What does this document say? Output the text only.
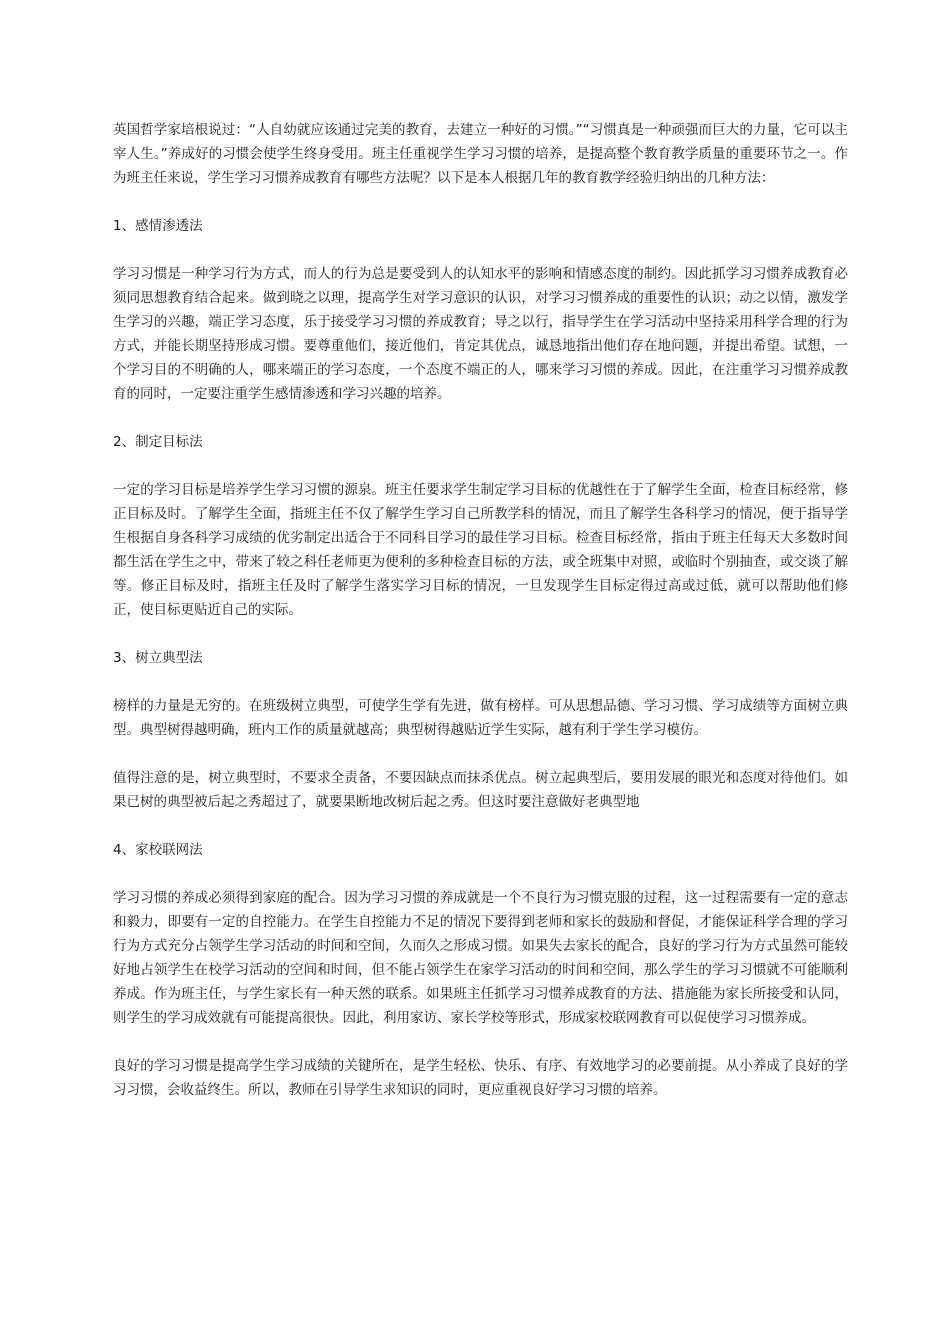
英国哲学家培根说过：“人自幼就应该通过完美的教育，去建立一种好的习惯。”“习惯真是一种顽强而巨大的力量，它可以主宰人生。”养成好的习惯会使学生终身受用。班主任重视学生学习习惯的培养，是提高整个教育教学质量的重要环节之一。作为班主任来说，学生学习习惯养成教育有哪些方法呢？以下是本人根据几年的教育教学经验归纳出的几种方法：

1、感情渗透法

学习习惯是一种学习行为方式，而人的行为总是要受到人的认知水平的影响和情感态度的制约。因此抓学习习惯养成教育必须同思想教育结合起来。做到晓之以理，提高学生对学习意识的认识，对学习习惯养成的重要性的认识；动之以情，激发学生学习的兴趣，端正学习态度，乐于接受学习习惯的养成教育；导之以行，指导学生在学习活动中坚持采用科学合理的行为方式，并能长期坚持形成习惯。要尊重他们，接近他们，肯定其优点，诚恳地指出他们存在地问题，并提出希望。试想，一个学习目的不明确的人，哪来端正的学习态度，一个态度不端正的人，哪来学习习惯的养成。因此，在注重学习习惯养成教育的同时，一定要注重学生感情渗透和学习兴趣的培养。

2、制定目标法

一定的学习目标是培养学生学习习惯的源泉。班主任要求学生制定学习目标的优越性在于了解学生全面，检查目标经常，修正目标及时。了解学生全面，指班主任不仅了解学生学习自己所教学科的情况，而且了解学生各科学习的情况，便于指导学生根据自身各科学习成绩的优劣制定出适合于不同科目学习的最佳学习目标。检查目标经常，指由于班主任每天大多数时间都生活在学生之中，带来了较之科任老师更为便利的多种检查目标的方法，或全班集中对照，或临时个别抽查，或交谈了解等。修正目标及时，指班主任及时了解学生落实学习目标的情况，一旦发现学生目标定得过高或过低，就可以帮助他们修正，使目标更贴近自己的实际。

3、树立典型法

榜样的力量是无穷的。在班级树立典型，可使学生学有先进，做有榜样。可从思想品德、学习习惯、学习成绩等方面树立典型。典型树得越明确，班内工作的质量就越高；典型树得越贴近学生实际，越有利于学生学习模仿。

值得注意的是，树立典型时，不要求全责备，不要因缺点而抹杀优点。树立起典型后，要用发展的眼光和态度对待他们。如果已树的典型被后起之秀超过了，就要果断地改树后起之秀。但这时要注意做好老典型地

4、家校联网法

学习习惯的养成必须得到家庭的配合。因为学习习惯的养成就是一个不良行为习惯克服的过程，这一过程需要有一定的意志和毅力，即要有一定的自控能力。在学生自控能力不足的情况下要得到老师和家长的鼓励和督促，才能保证科学合理的学习行为方式充分占领学生学习活动的时间和空间，久而久之形成习惯。如果失去家长的配合，良好的学习行为方式虽然可能较好地占领学生在校学习活动的空间和时间，但不能占领学生在家学习活动的时间和空间，那么学生的学习习惯就不可能顺利养成。作为班主任，与学生家长有一种天然的联系。如果班主任抓学习习惯养成教育的方法、措施能为家长所接受和认同，则学生的学习成效就有可能提高很快。因此，利用家访、家长学校等形式，形成家校联网教育可以促使学习习惯养成。

良好的学习习惯是提高学生学习成绩的关键所在，是学生轻松、快乐、有序、有效地学习的必要前提。从小养成了良好的学习习惯，会收益终生。所以，教师在引导学生求知识的同时，更应重视良好学习习惯的培养。
